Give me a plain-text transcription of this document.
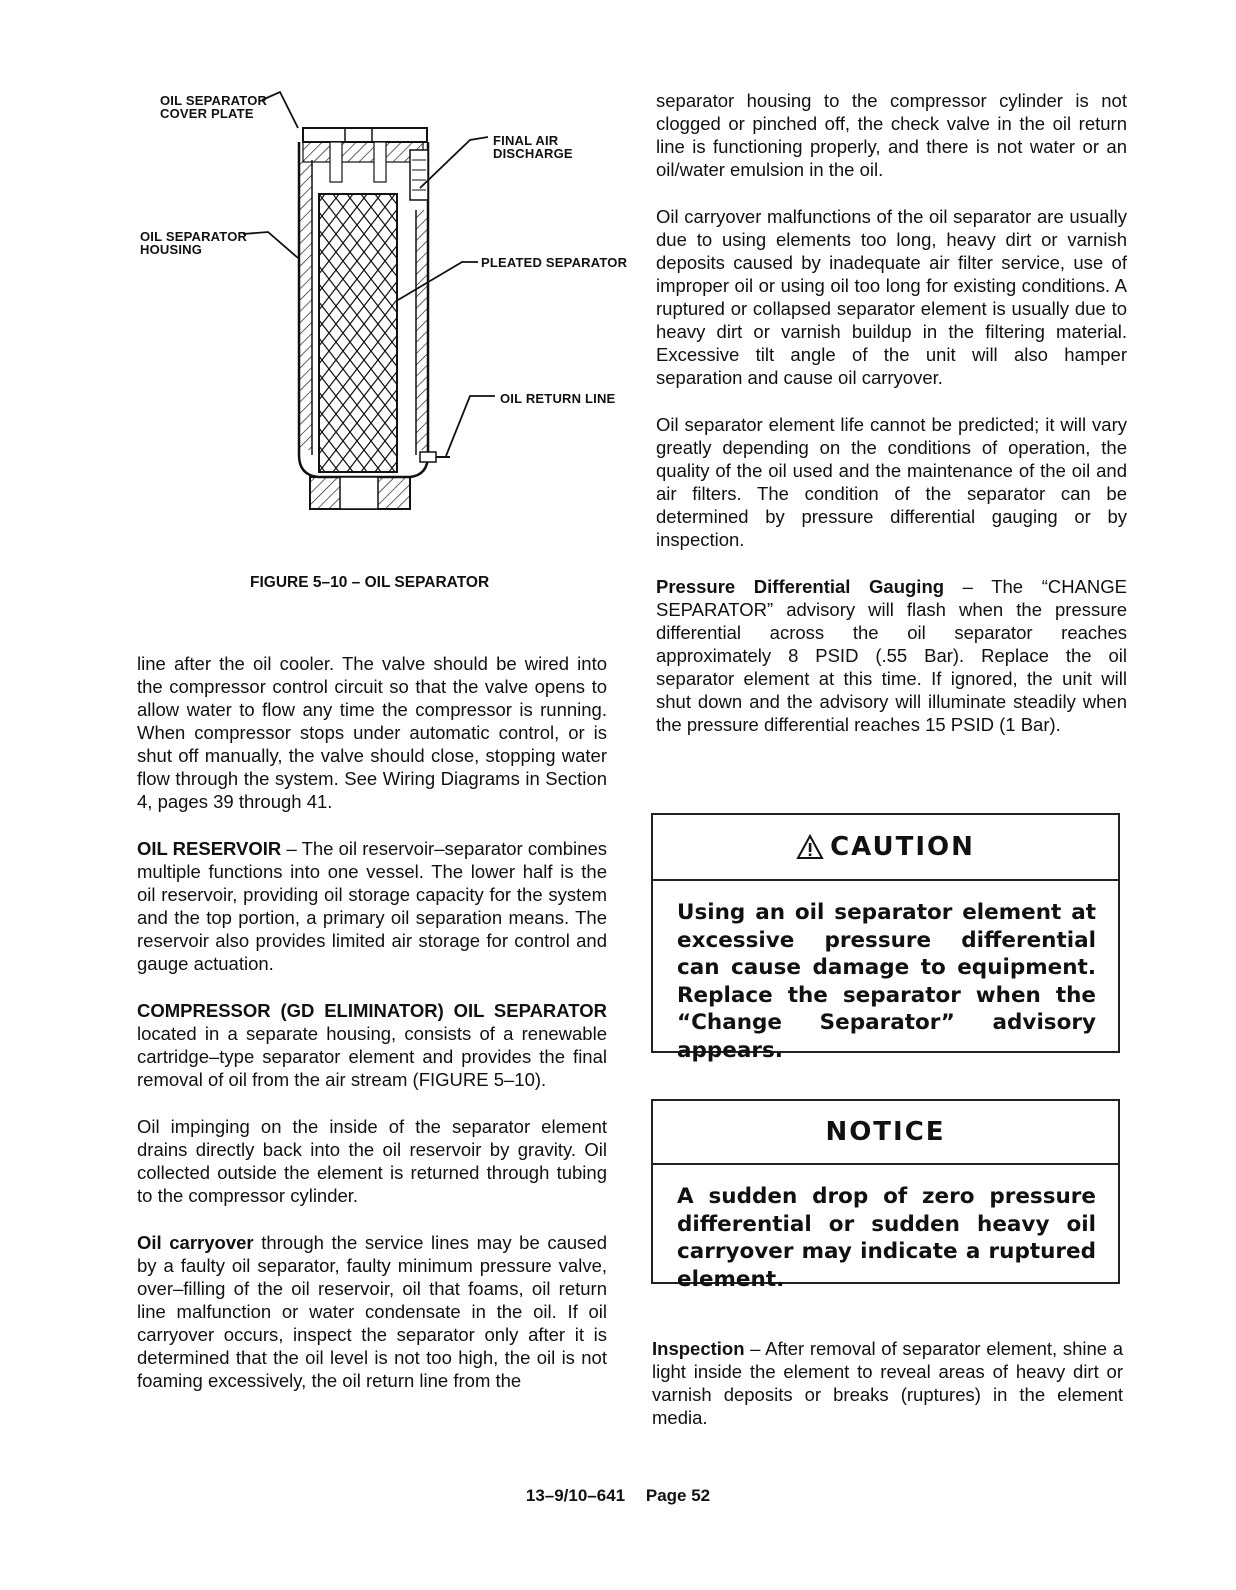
OIL SEPARATOR
COVER PLATE
OIL SEPARATOR
HOUSING
FINAL AIR
DISCHARGE
PLEATED SEPARATOR
OIL RETURN LINE
FIGURE 5–10 – OIL SEPARATOR

line after the oil cooler. The valve should be wired into the compressor control circuit so that the valve opens to allow water to flow any time the compressor is running. When compressor stops under automatic control, or is shut off manually, the valve should close, stopping water flow through the system. See Wiring Diagrams in Section 4, pages 39 through 41.

OIL RESERVOIR – The oil reservoir–separator combines multiple functions into one vessel. The lower half is the oil reservoir, providing oil storage capacity for the system and the top portion, a primary oil separation means. The reservoir also provides limited air storage for control and gauge actuation.

COMPRESSOR (GD ELIMINATOR) OIL SEPARATOR located in a separate housing, consists of a renewable cartridge–type separator element and provides the final removal of oil from the air stream (FIGURE 5–10).

Oil impinging on the inside of the separator element drains directly back into the oil reservoir by gravity. Oil collected outside the element is returned through tubing to the compressor cylinder.

Oil carryover through the service lines may be caused by a faulty oil separator, faulty minimum pressure valve, over–filling of the oil reservoir, oil that foams, oil return line malfunction or water condensate in the oil. If oil carryover occurs, inspect the separator only after it is determined that the oil level is not too high, the oil is not foaming excessively, the oil return line from the

separator housing to the compressor cylinder is not clogged or pinched off, the check valve in the oil return line is functioning properly, and there is not water or an oil/water emulsion in the oil.

Oil carryover malfunctions of the oil separator are usually due to using elements too long, heavy dirt or varnish deposits caused by inadequate air filter service, use of improper oil or using oil too long for existing conditions. A ruptured or collapsed separator element is usually due to heavy dirt or varnish buildup in the filtering material. Excessive tilt angle of the unit will also hamper separation and cause oil carryover.

Oil separator element life cannot be predicted; it will vary greatly depending on the conditions of operation, the quality of the oil used and the maintenance of the oil and air filters. The condition of the separator can be determined by pressure differential gauging or by inspection.

Pressure Differential Gauging – The “CHANGE SEPARATOR” advisory will flash when the pressure differential across the oil separator reaches approximately 8 PSID (.55 Bar). Replace the oil separator element at this time. If ignored, the unit will shut down and the advisory will illuminate steadily when the pressure differential reaches 15 PSID (1 Bar).

CAUTION
Using an oil separator element at excessive pressure differential can cause damage to equipment. Replace the separator when the “Change Separator” advisory appears.
NOTICE
A sudden drop of zero pressure differential or sudden heavy oil carryover may indicate a ruptured element.

Inspection – After removal of separator element, shine a light inside the element to reveal areas of heavy dirt or varnish deposits or breaks (ruptures) in the element media.

13–9/10–641 Page 52
